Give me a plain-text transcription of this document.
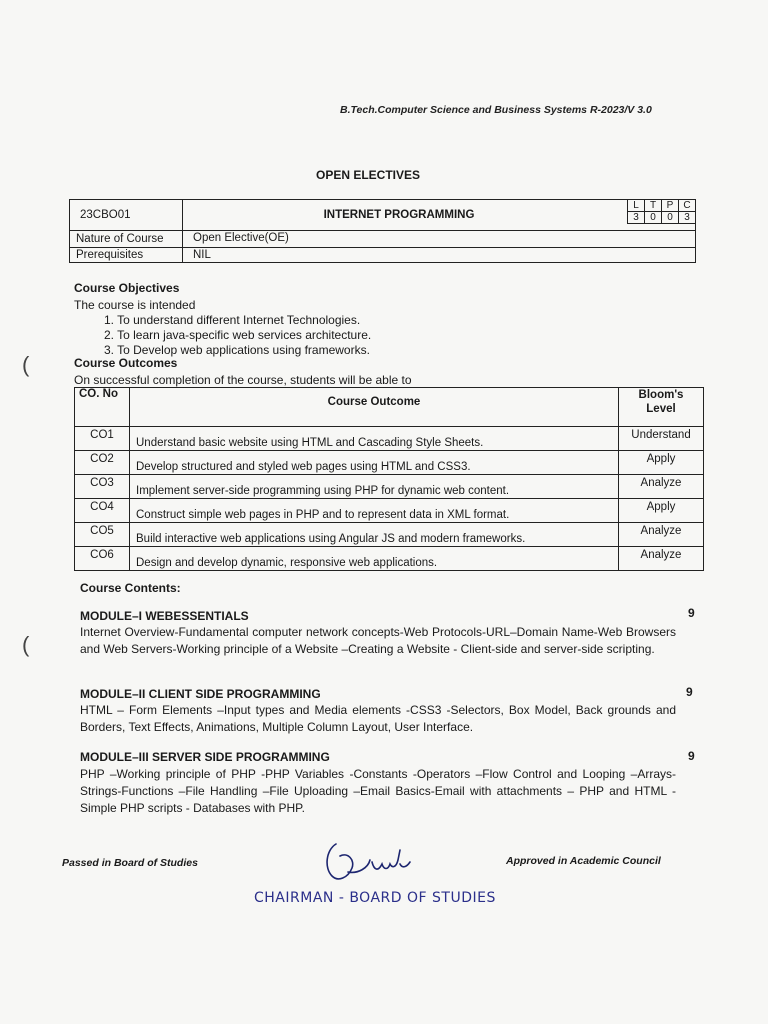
B.Tech.Computer Science and Business Systems R-2023/V 3.0
OPEN ELECTIVES
23CBO01	INTERNET PROGRAMMING
L	T	P	C
3	0	0	3

Nature of Course	Open Elective(OE)
Prerequisites	NIL
Course Objectives
The course is intended
1. To understand different Internet Technologies.
2. To learn java-specific web services architecture.
3. To Develop web applications using frameworks.
Course Outcomes
On successful completion of the course, students will be able to
CO. No	Course Outcome	Bloom's Level
CO1	Understand basic website using HTML and Cascading Style Sheets.	Understand
CO2	Develop structured and styled web pages using HTML and CSS3.	Apply
CO3	Implement server-side programming using PHP for dynamic web content.	Analyze
CO4	Construct simple web pages in PHP and to represent data in XML format.	Apply
CO5	Build interactive web applications using Angular JS and modern frameworks.	Analyze
CO6	Design and develop dynamic, responsive web applications.	Analyze
Course Contents:
MODULE–I WEBESSENTIALS	9
Internet Overview-Fundamental computer network concepts-Web Protocols-URL–Domain Name-Web Browsers and Web Servers-Working principle of a Website –Creating a Website - Client-side and server-side scripting.
MODULE–II CLIENT SIDE PROGRAMMING	9
HTML – Form Elements –Input types and Media elements -CSS3 -Selectors, Box Model, Back grounds and Borders, Text Effects, Animations, Multiple Column Layout, User Interface.
MODULE–III SERVER SIDE PROGRAMMING	9
PHP –Working principle of PHP -PHP Variables -Constants -Operators –Flow Control and Looping –Arrays-Strings-Functions –File Handling –File Uploading –Email Basics-Email with attachments – PHP and HTML - Simple PHP scripts - Databases with PHP.
(
(
Passed in Board of Studies	Approved in Academic Council
CHAIRMAN - BOARD OF STUDIES
